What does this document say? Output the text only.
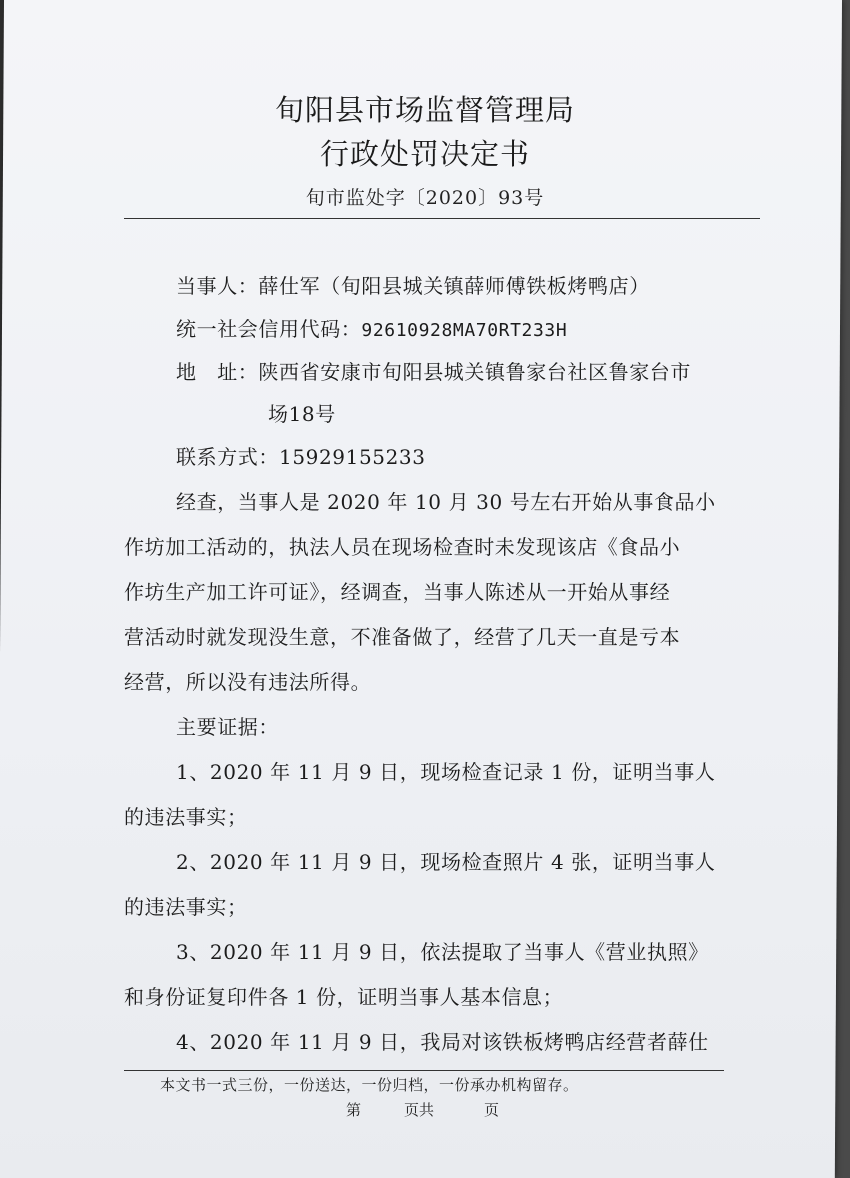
旬阳县市场监督管理局
行政处罚决定书
旬市监处字〔2020〕93号
当事人：薛仕军（旬阳县城关镇薛师傅铁板烤鸭店）
统一社会信用代码：92610928MA70RT233H
地　址：陕西省安康市旬阳县城关镇鲁家台社区鲁家台市
场18号
联系方式：15929155233
经查，当事人是 2020 年 10 月 30 号左右开始从事食品小
作坊加工活动的，执法人员在现场检查时未发现该店《食品小
作坊生产加工许可证》，经调查，当事人陈述从一开始从事经
营活动时就发现没生意，不准备做了，经营了几天一直是亏本
经营，所以没有违法所得。
主要证据：
1、2020 年 11 月 9 日，现场检查记录 1 份，证明当事人
的违法事实；
2、2020 年 11 月 9 日，现场检查照片 4 张，证明当事人
的违法事实；
3、2020 年 11 月 9 日，依法提取了当事人《营业执照》
和身份证复印件各 1 份，证明当事人基本信息；
4、2020 年 11 月 9 日，我局对该铁板烤鸭店经营者薛仕
本文书一式三份，一份送达，一份归档，一份承办机构留存。
第	页共	页
